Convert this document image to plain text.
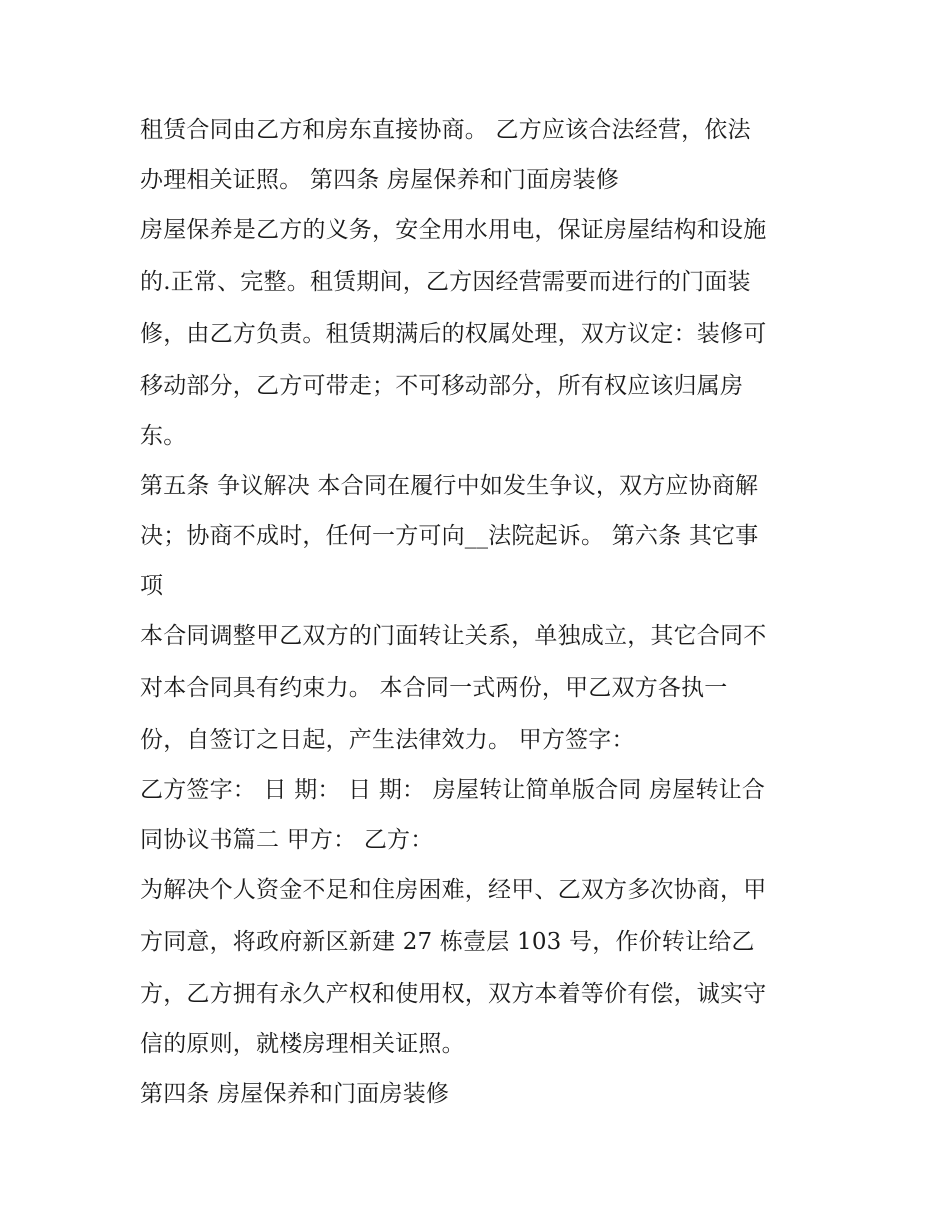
租赁合同由乙方和房东直接协商。 乙方应该合法经营，依法

办理相关证照。 第四条 房屋保养和门面房装修

房屋保养是乙方的义务，安全用水用电，保证房屋结构和设施

的.正常、完整。租赁期间，乙方因经营需要而进行的门面装

修，由乙方负责。租赁期满后的权属处理，双方议定：装修可

移动部分，乙方可带走；不可移动部分，所有权应该归属房

东。

第五条 争议解决 本合同在履行中如发生争议，双方应协商解

决；协商不成时，任何一方可向__法院起诉。 第六条 其它事

项

本合同调整甲乙双方的门面转让关系，单独成立，其它合同不

对本合同具有约束力。 本合同一式两份，甲乙双方各执一

份，自签订之日起，产生法律效力。 甲方签字：

乙方签字： 日 期： 日 期： 房屋转让简单版合同 房屋转让合

同协议书篇二 甲方： 乙方：

为解决个人资金不足和住房困难，经甲、乙双方多次协商，甲

方同意，将政府新区新建 27 栋壹层 103 号，作价转让给乙

方，乙方拥有永久产权和使用权，双方本着等价有偿，诚实守

信的原则，就楼房理相关证照。

第四条 房屋保养和门面房装修
